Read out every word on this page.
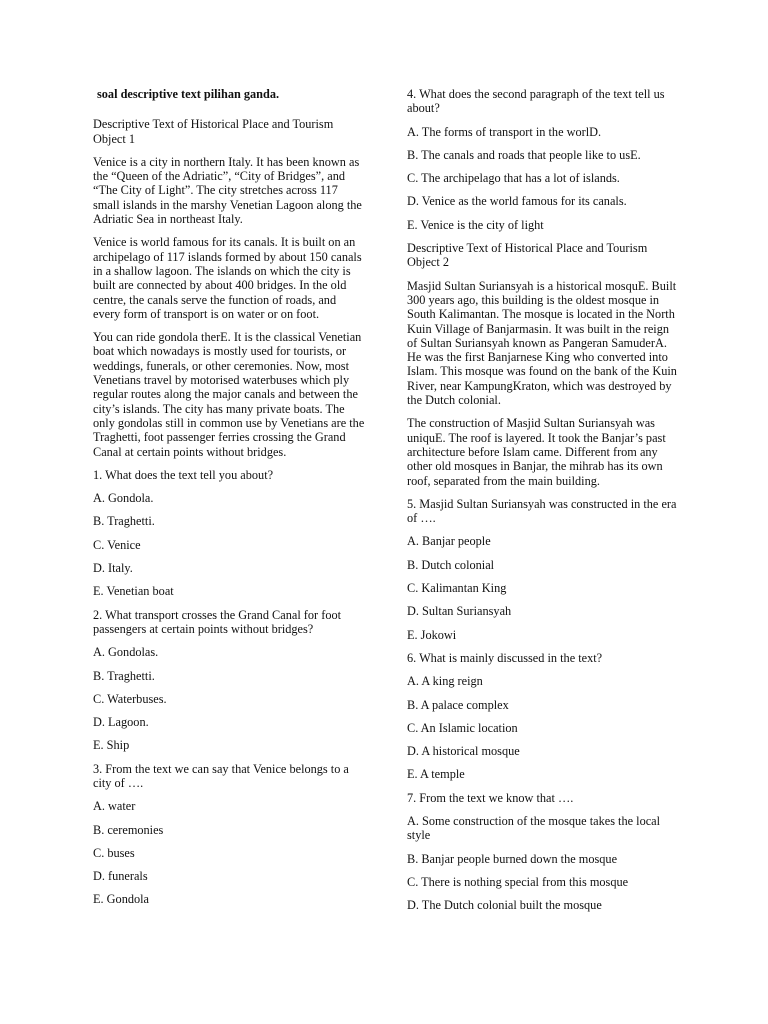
soal descriptive text pilihan ganda.

Descriptive Text of Historical Place and Tourism Object 1

Venice is a city in northern Italy. It has been known as the “Queen of the Adriatic”, “City of Bridges”, and “The City of Light”. The city stretches across 117 small islands in the marshy Venetian Lagoon along the Adriatic Sea in northeast Italy.

Venice is world famous for its canals. It is built on an archipelago of 117 islands formed by about 150 canals in a shallow lagoon. The islands on which the city is built are connected by about 400 bridges. In the old centre, the canals serve the function of roads, and every form of transport is on water or on foot.

You can ride gondola therE. It is the classical Venetian boat which nowadays is mostly used for tourists, or weddings, funerals, or other ceremonies. Now, most Venetians travel by motorised waterbuses which ply regular routes along the major canals and between the city’s islands. The city has many private boats. The only gondolas still in common use by Venetians are the Traghetti, foot passenger ferries crossing the Grand Canal at certain points without bridges.

1. What does the text tell you about?

A. Gondola.

B. Traghetti.

C. Venice

D. Italy.

E. Venetian boat

2. What transport crosses the Grand Canal for foot passengers at certain points without bridges?

A. Gondolas.

B. Traghetti.

C. Waterbuses.

D. Lagoon.

E. Ship

3. From the text we can say that Venice belongs to a city of ….

A. water

B. ceremonies

C. buses

D. funerals

E. Gondola

4. What does the second paragraph of the text tell us about?

A. The forms of transport in the worlD.

B. The canals and roads that people like to usE.

C. The archipelago that has a lot of islands.

D. Venice as the world famous for its canals.

E. Venice is the city of light

Descriptive Text of Historical Place and Tourism Object 2

Masjid Sultan Suriansyah is a historical mosquE. Built 300 years ago, this building is the oldest mosque in South Kalimantan. The mosque is located in the North Kuin Village of Banjarmasin. It was built in the reign of Sultan Suriansyah known as Pangeran SamuderA. He was the first Banjarnese King who converted into Islam. This mosque was found on the bank of the Kuin River, near KampungKraton, which was destroyed by the Dutch colonial.

The construction of Masjid Sultan Suriansyah was uniquE. The roof is layered. It took the Banjar’s past architecture before Islam came. Different from any other old mosques in Banjar, the mihrab has its own roof, separated from the main building.

5. Masjid Sultan Suriansyah was constructed in the era of ….

A. Banjar people

B. Dutch colonial

C. Kalimantan King

D. Sultan Suriansyah

E. Jokowi

6. What is mainly discussed in the text?

A. A king reign

B. A palace complex

C. An Islamic location

D. A historical mosque

E. A temple

7. From the text we know that ….

A. Some construction of the mosque takes the local style

B. Banjar people burned down the mosque

C. There is nothing special from this mosque

D. The Dutch colonial built the mosque
